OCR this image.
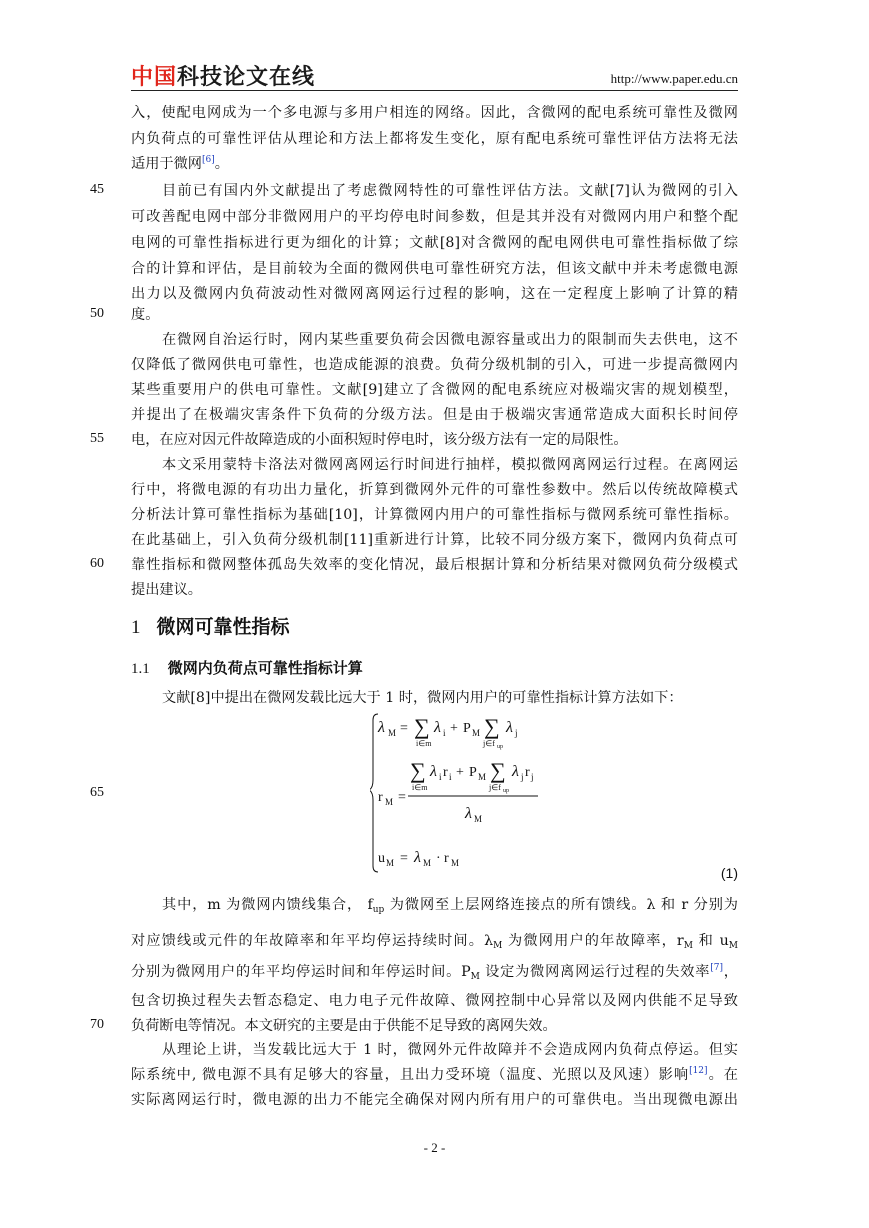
中国 科技论文在线	http://www.paper.edu.cn
入，使配电网成为一个多电源与多用户相连的网络。因此，含微网的配电系统可靠性及微网
内负荷点的可靠性评估从理论和方法上都将发生变化，原有配电系统可靠性评估方法将无法
适用于微网[6]。
45	目前已有国内外文献提出了考虑微网特性的可靠性评估方法。文献[7]认为微网的引入
可改善配电网中部分非微网用户的平均停电时间参数，但是其并没有对微网内用户和整个配
电网的可靠性指标进行更为细化的计算；文献[8]对含微网的配电网供电可靠性指标做了综
合的计算和评估，是目前较为全面的微网供电可靠性研究方法，但该文献中并未考虑微电源
出力以及微网内负荷波动性对微网离网运行过程的影响，这在一定程度上影响了计算的精
50 度。
在微网自治运行时，网内某些重要负荷会因微电源容量或出力的限制而失去供电，这不
仅降低了微网供电可靠性，也造成能源的浪费。负荷分级机制的引入，可进一步提高微网内
某些重要用户的供电可靠性。文献[9]建立了含微网的配电系统应对极端灾害的规划模型，
并提出了在极端灾害条件下负荷的分级方法。但是由于极端灾害通常造成大面积长时间停
55 电，在应对因元件故障造成的小面积短时停电时，该分级方法有一定的局限性。
本文采用蒙特卡洛法对微网离网运行时间进行抽样，模拟微网离网运行过程。在离网运
行中，将微电源的有功出力量化，折算到微网外元件的可靠性参数中。然后以传统故障模式
分析法计算可靠性指标为基础[10]，计算微网内用户的可靠性指标与微网系统可靠性指标。
在此基础上，引入负荷分级机制[11]重新进行计算，比较不同分级方案下，微网内负荷点可
60 靠性指标和微网整体孤岛失效率的变化情况，最后根据计算和分析结果对微网负荷分级模式
提出建议。
1 微网可靠性指标
1.1 微网内负荷点可靠性指标计算
文献[8]中提出在微网发载比远大于 1 时，微网内用户的可靠性指标计算方法如下：
65
λ M = ∑
i∈m
λ i + P M ∑
j∈f up
λ j
∑
i∈m
λ i r i + P M ∑
j∈f up
λ j r j
r M =
λ M
u M = λ M · r M
(1)
其中，m 为微网内馈线集合， $f_{up}$ 为微网至上层网络连接点的所有馈线。λ 和 r 分别为
对应馈线或元件的年故障率和年平均停运持续时间。$\lambda_M$ 为微网用户的年故障率，$r_M$ 和 $u_M$
分别为微网用户的年平均停运时间和年停运时间。$P_M$ 设定为微网离网运行过程的失效率[7]，
包含切换过程失去暂态稳定、电力电子元件故障、微网控制中心异常以及网内供能不足导致
70 负荷断电等情况。本文研究的主要是由于供能不足导致的离网失效。
从理论上讲，当发载比远大于 1 时，微网外元件故障并不会造成网内负荷点停运。但实
际系统中, 微电源不具有足够大的容量，且出力受环境（温度、光照以及风速）影响[12]。在
实际离网运行时，微电源的出力不能完全确保对网内所有用户的可靠供电。当出现微电源出
- 2 -
